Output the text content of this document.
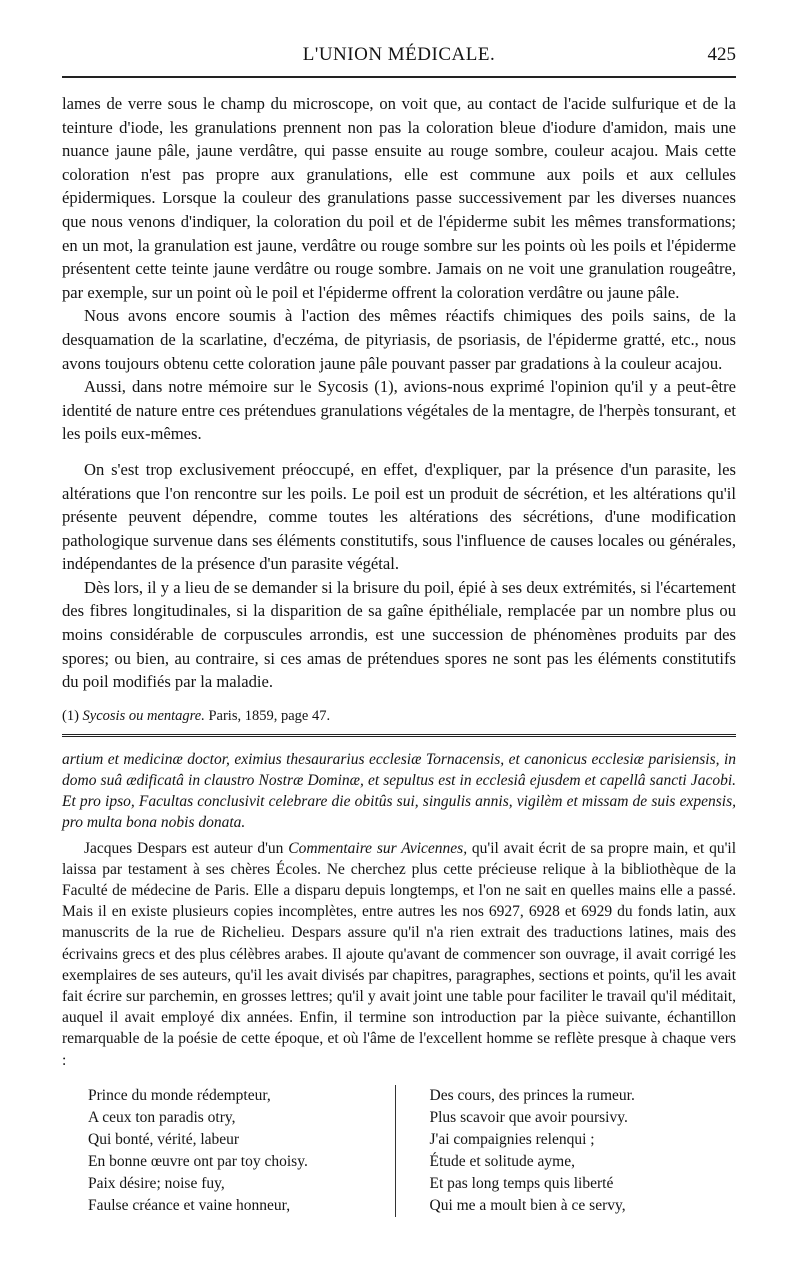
L'UNION MÉDICALE.	425

lames de verre sous le champ du microscope, on voit que, au contact de l'acide sulfurique et de la teinture d'iode, les granulations prennent non pas la coloration bleue d'iodure d'amidon, mais une nuance jaune pâle, jaune verdâtre, qui passe ensuite au rouge sombre, couleur acajou. Mais cette coloration n'est pas propre aux granulations, elle est commune aux poils et aux cellules épidermiques. Lorsque la couleur des granulations passe successivement par les diverses nuances que nous venons d'indiquer, la coloration du poil et de l'épiderme subit les mêmes transformations; en un mot, la granulation est jaune, verdâtre ou rouge sombre sur les points où les poils et l'épiderme présentent cette teinte jaune verdâtre ou rouge sombre. Jamais on ne voit une granulation rougeâtre, par exemple, sur un point où le poil et l'épiderme offrent la coloration verdâtre ou jaune pâle.

Nous avons encore soumis à l'action des mêmes réactifs chimiques des poils sains, de la desquamation de la scarlatine, d'eczéma, de pityriasis, de psoriasis, de l'épiderme gratté, etc., nous avons toujours obtenu cette coloration jaune pâle pouvant passer par gradations à la couleur acajou.

Aussi, dans notre mémoire sur le Sycosis (1), avions-nous exprimé l'opinion qu'il y a peut-être identité de nature entre ces prétendues granulations végétales de la mentagre, de l'herpès tonsurant, et les poils eux-mêmes.

On s'est trop exclusivement préoccupé, en effet, d'expliquer, par la présence d'un parasite, les altérations que l'on rencontre sur les poils. Le poil est un produit de sécrétion, et les altérations qu'il présente peuvent dépendre, comme toutes les altérations des sécrétions, d'une modification pathologique survenue dans ses éléments constitutifs, sous l'influence de causes locales ou générales, indépendantes de la présence d'un parasite végétal.

Dès lors, il y a lieu de se demander si la brisure du poil, épié à ses deux extrémités, si l'écartement des fibres longitudinales, si la disparition de sa gaîne épithéliale, remplacée par un nombre plus ou moins considérable de corpuscules arrondis, est une succession de phénomènes produits par des spores; ou bien, au contraire, si ces amas de prétendues spores ne sont pas les éléments constitutifs du poil modifiés par la maladie.

(1) Sycosis ou mentagre. Paris, 1859, page 47.

artium et medicinæ doctor, eximius thesaurarius ecclesiæ Tornacensis, et canonicus ecclesiæ parisiensis, in domo suâ ædificatâ in claustro Nostræ Dominæ, et sepultus est in ecclesiâ ejusdem et capellâ sancti Jacobi. Et pro ipso, Facultas conclusivit celebrare die obitûs sui, singulis annis, vigilèm et missam de suis expensis, pro multa bona nobis donata.

Jacques Despars est auteur d'un Commentaire sur Avicennes, qu'il avait écrit de sa propre main, et qu'il laissa par testament à ses chères Écoles. Ne cherchez plus cette précieuse relique à la bibliothèque de la Faculté de médecine de Paris. Elle a disparu depuis longtemps, et l'on ne sait en quelles mains elle a passé. Mais il en existe plusieurs copies incomplètes, entre autres les nos 6927, 6928 et 6929 du fonds latin, aux manuscrits de la rue de Richelieu. Despars assure qu'il n'a rien extrait des traductions latines, mais des écrivains grecs et des plus célèbres arabes. Il ajoute qu'avant de commencer son ouvrage, il avait corrigé les exemplaires de ses auteurs, qu'il les avait divisés par chapitres, paragraphes, sections et points, qu'il les avait fait écrire sur parchemin, en grosses lettres; qu'il y avait joint une table pour faciliter le travail qu'il méditait, auquel il avait employé dix années. Enfin, il termine son introduction par la pièce suivante, échantillon remarquable de la poésie de cette époque, et où l'âme de l'excellent homme se reflète presque à chaque vers :

Prince du monde rédempteur,
A ceux ton paradis otry,
Qui bonté, vérité, labeur
En bonne œuvre ont par toy choisy.
Paix désire; noise fuy,
Faulse créance et vaine honneur,
Des cours, des princes la rumeur.
Plus scavoir que avoir poursivy.
J'ai compaignies relenqui ;
Étude et solitude ayme,
Et pas long temps quis liberté
Qui me a moult bien à ce servy,
